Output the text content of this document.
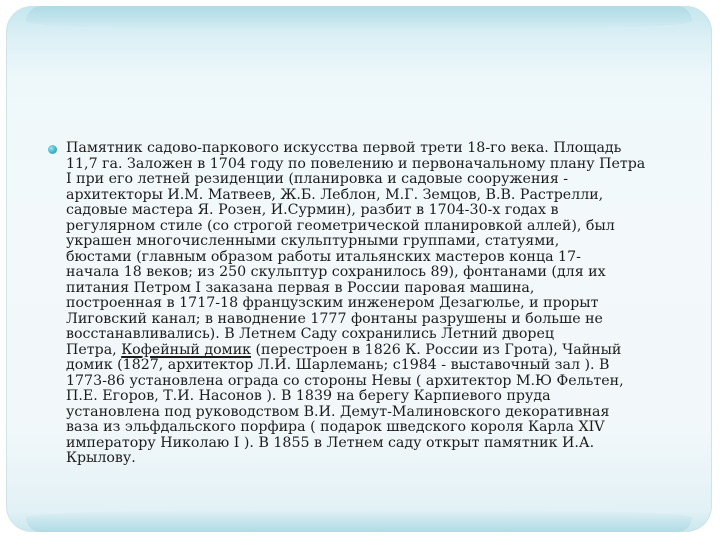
Памятник садово-паркового искусства первой трети 18-го века. Площадь
11,7 га. Заложен в 1704 году по повелению и первоначальному плану Петра
I при его летней резиденции (планировка и садовые сооружения -
архитекторы И.М. Матвеев, Ж.Б. Леблон, М.Г. Земцов, В.В. Растрелли,
садовые мастера Я. Розен, И.Сурмин), разбит в 1704-30-х годах в
регулярном стиле (со строгой геометрической планировкой аллей), был
украшен многочисленными скульптурными группами, статуями,
бюстами (главным образом работы итальянских мастеров конца 17-
начала 18 веков; из 250 скульптур сохранилось 89), фонтанами (для их
питания Петром I заказана первая в России паровая машина,
построенная в 1717-18 французским инженером Дезагюлье, и прорыт
Лиговский канал; в наводнение 1777 фонтаны разрушены и больше не
восстанавливались). В Летнем Саду сохранились Летний дворец
Петра, Кофейный домик (перестроен в 1826 К. России из Грота), Чайный
домик (1827, архитектор Л.И. Шарлемань; с1984 - выставочный зал ). В
1773-86 установлена ограда со стороны Невы ( архитектор М.Ю Фельтен,
П.Е. Егоров, Т.И. Насонов ). В 1839 на берегу Карпиевого пруда
установлена под руководством В.И. Демут-Малиновского декоративная
ваза из эльфдальского порфира ( подарок шведского короля Карла XIV
императору Николаю I ). В 1855 в Летнем саду открыт памятник И.А.
Крылову.
